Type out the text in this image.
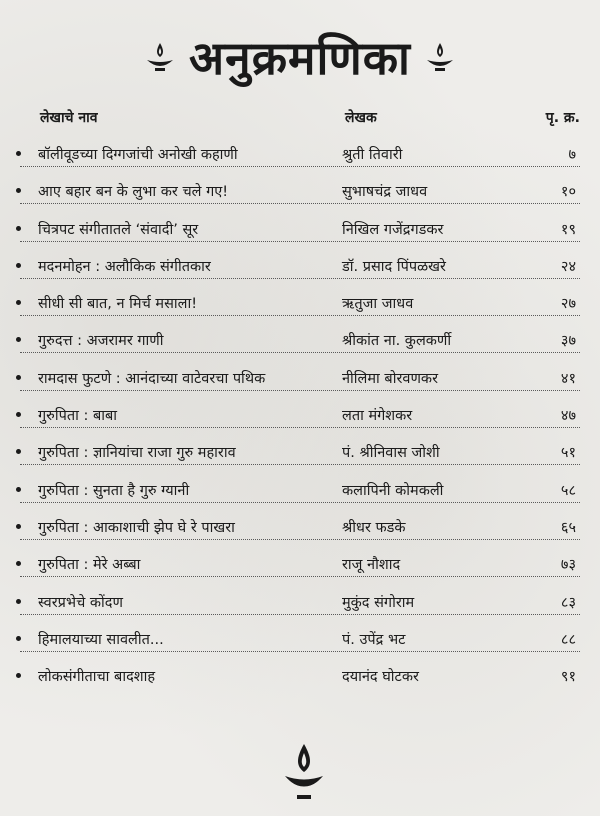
अनुक्रमणिका
लेखाचे नाव	लेखक	पृ. क्र.
बॉलीवूडच्या दिग्गजांची अनोखी कहाणी	श्रुती तिवारी	७
आए बहार बन के लुभा कर चले गए!	सुभाषचंद्र जाधव	१०
चित्रपट संगीतातले ‘संवादी’ सूर	निखिल गजेंद्रगडकर	१९
मदनमोहन : अलौकिक संगीतकार	डॉ. प्रसाद पिंपळखरे	२४
सीधी सी बात, न मिर्च मसाला!	ऋतुजा जाधव	२७
गुरुदत्त : अजरामर गाणी	श्रीकांत ना. कुलकर्णी	३७
रामदास फुटणे : आनंदाच्या वाटेवरचा पथिक	नीलिमा बोरवणकर	४१
गुरुपिता : बाबा	लता मंगेशकर	४७
गुरुपिता : ज्ञानियांचा राजा गुरु महाराव	पं. श्रीनिवास जोशी	५१
गुरुपिता : सुनता है गुरु ग्यानी	कलापिनी कोमकली	५८
गुरुपिता : आकाशाची झेप घे रे पाखरा	श्रीधर फडके	६५
गुरुपिता : मेरे अब्बा	राजू नौशाद	७३
स्वरप्रभेचे कोंदण	मुकुंद संगोराम	८३
हिमालयाच्या सावलीत...	पं. उपेंद्र भट	८८
लोकसंगीताचा बादशाह	दयानंद घोटकर	९१
